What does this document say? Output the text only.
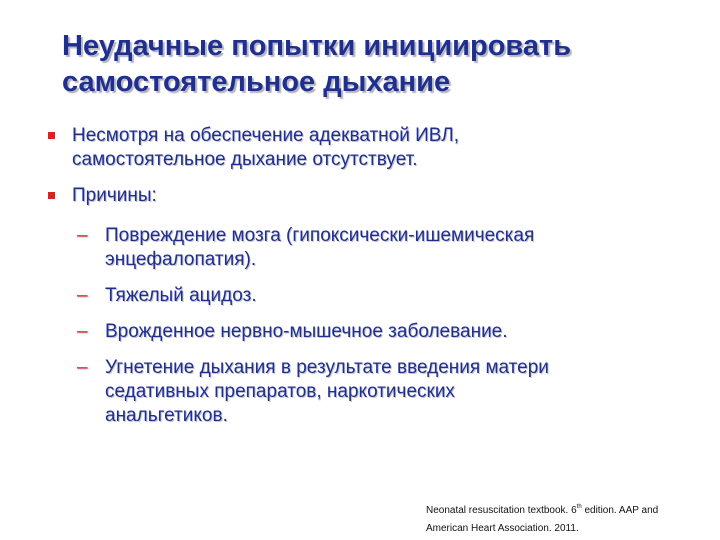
Неудачные попытки инициировать
самостоятельное дыхание
Несмотря на обеспечение адекватной ИВЛ,
самостоятельное дыхание отсутствует.
Причины:
– Повреждение мозга (гипоксически-ишемическая
энцефалопатия).
– Тяжелый ацидоз.
– Врожденное нервно-мышечное заболевание.
– Угнетение дыхания в результате введения матери
седативных препаратов, наркотических
анальгетиков.
Neonatal resuscitation textbook. 6th edition. AAP and
American Heart Association. 2011.
